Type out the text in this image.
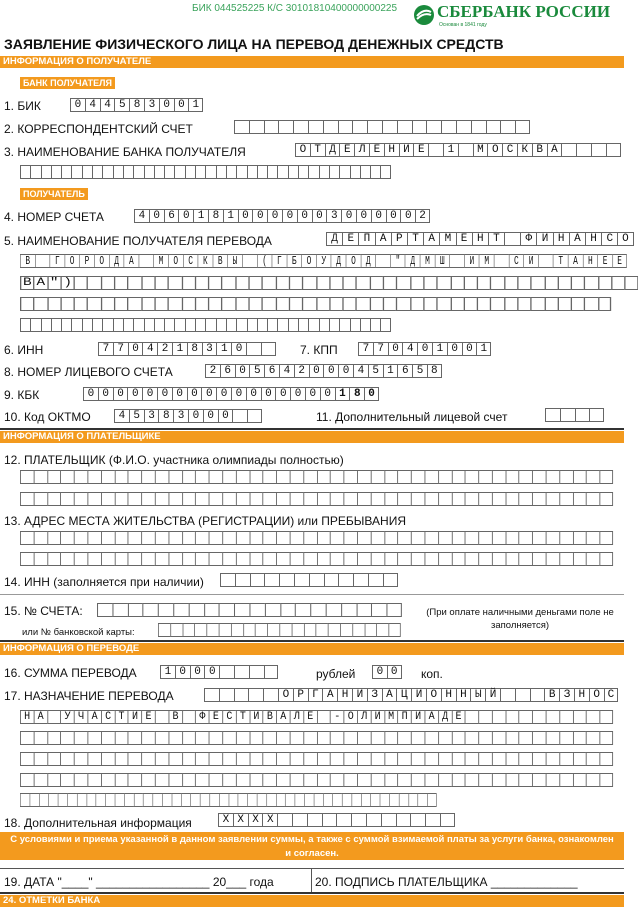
БИК 044525225 К/С 30101810400000000225 СБЕРБАНК РОССИИ
Основан в 1841 году
ЗАЯВЛЕНИЕ ФИЗИЧЕСКОГО ЛИЦА НА ПЕРЕВОД ДЕНЕЖНЫХ СРЕДСТВ
ИНФОРМАЦИЯ О ПОЛУЧАТЕЛЕ
БАНК ПОЛУЧАТЕЛЯ
1. БИК	0 4 4 5 8 3 0 0 1
2. КОРРЕСПОНДЕНТСКИЙ СЧЕТ
3. НАИМЕНОВАНИЕ БАНКА ПОЛУЧАТЕЛЯ	О Т Д Е Л Е Н И Е	1	М О С К В А
ПОЛУЧАТЕЛЬ
4. НОМЕР СЧЕТА	4 0 6 0 1 8 1 0 0 0 0 0 0 3 0 0 0 0 0 2
5. НАИМЕНОВАНИЕ ПОЛУЧАТЕЛЯ ПЕРЕВОДА	Д Е П А Р Т А М Е Н Т	Ф И Н А Н С О
В	Г О Р О Д А	М О С К В Ы	( Г Б О У Д О Д	" Д М Ш	И М	С И	Т А Н Е Е
В А " )
6. ИНН	7 7 0 4 2 1 8 3 1 0	7. КПП	7 7 0 4 0 1 0 0 1
8. НОМЕР ЛИЦЕВОГО СЧЕТА	2 6 0 5 6 4 2 0 0 0 4 5 1 6 5 8
9. КБК	0 0 0 0 0 0 0 0 0 0 0 0 0 0 0 0 0 1 8 0
10. Код ОКТМО	4 5 3 8 3 0 0 0	11. Дополнительный лицевой счет
ИНФОРМАЦИЯ О ПЛАТЕЛЬЩИКЕ
12. ПЛАТЕЛЬЩИК (Ф.И.О. участника олимпиады полностью)
13. АДРЕС МЕСТА ЖИТЕЛЬСТВА (РЕГИСТРАЦИИ) или ПРЕБЫВАНИЯ
14. ИНН (заполняется при наличии)
15. № СЧЕТА:
или № банковской карты:
(При оплате наличными деньгами поле не заполняется)
ИНФОРМАЦИЯ О ПЕРЕВОДЕ
16. СУММА ПЕРЕВОДА	1 0 0 0	рублей	0 0	коп.
17. НАЗНАЧЕНИЕ ПЕРЕВОДА	О Р Г А Н И З А Ц И О Н Н Ы Й	В З Н О С
Н А	У Ч А С Т И Е	В	Ф Е С Т И В А Л Е	- О Л И М П И А Д Е
18. Дополнительная информация	Х Х Х Х
С условиями и приема указанной в данном заявлении суммы, а также с суммой взимаемой платы за услуги банка, ознакомлен и согласен.
19. ДАТА "____" _________________ 20___ года	20. ПОДПИСЬ ПЛАТЕЛЬЩИКА _____________
24. ОТМЕТКИ БАНКА
